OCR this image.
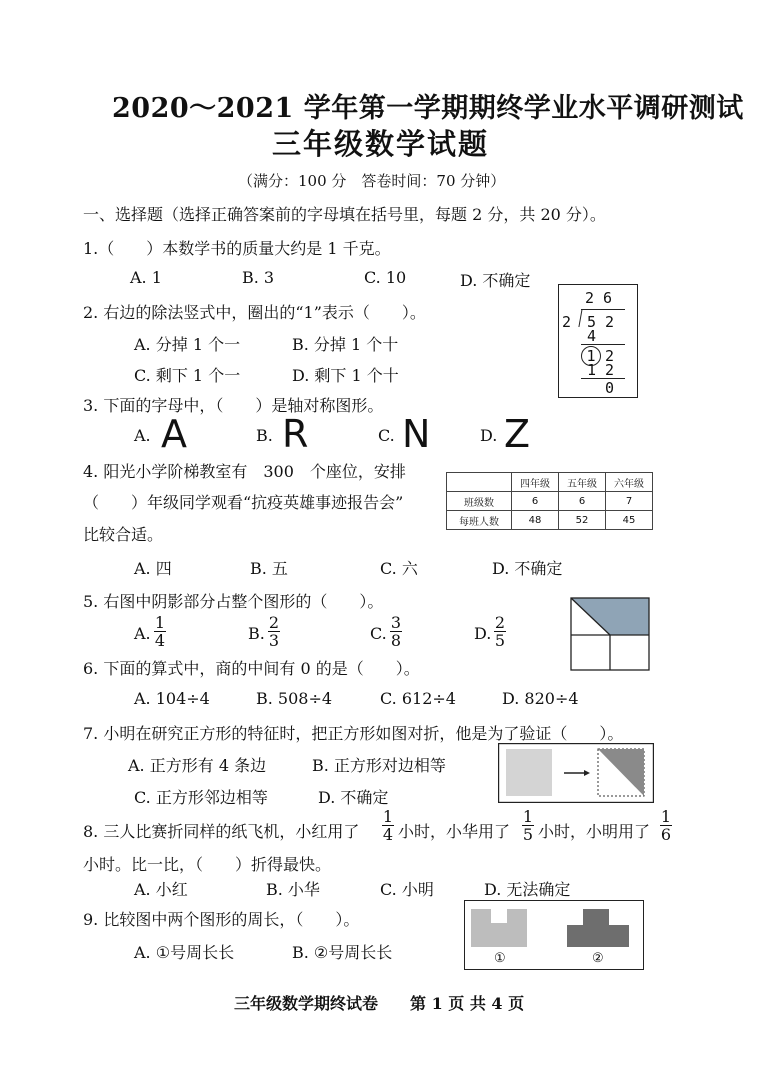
2020～2021 学年第一学期期终学业水平调研测试
三年级数学试题
（满分：100 分　答卷时间：70 分钟）
一、选择题（选择正确答案前的字母填在括号里，每题 2 分，共 20 分）。
1.（　　）本数学书的质量大约是 1 千克。
A. 1	B. 3	C. 10	D. 不确定
2. 右边的除法竖式中，圈出的“1”表示（　　）。
A. 分掉 1 个一	B. 分掉 1 个十
C. 剩下 1 个一	D. 剩下 1 个十
2 6
2 5 2
4
1 2
1 2
0
3. 下面的字母中，（　　）是轴对称图形。
A. A	B. R	C. N	D. Z
4. 阳光小学阶梯教室有　300　个座位，安排
（　　）年级同学观看“抗疫英雄事迹报告会”
比较合适。
	四年级	五年级	六年级
班级数	6	6	7
每班人数	48	52	45
A. 四	B. 五	C. 六	D. 不确定
5. 右图中阴影部分占整个图形的（　　）。
A.
1
4	B.
2
3	C.
3
8	D.
2
5
6. 下面的算式中，商的中间有 0 的是（　　）。
A. 104÷4	B. 508÷4	C. 612÷4	D. 820÷4
7. 小明在研究正方形的特征时，把正方形如图对折，他是为了验证（　　）。
A. 正方形有 4 条边	B. 正方形对边相等
C. 正方形邻边相等	D. 不确定
8. 三人比赛折同样的纸飞机，小红用了
1
4 小时，小华用了
1
5 小时，小明用了
1
6
小时。比一比，（　　）折得最快。
A. 小红	B. 小华	C. 小明	D. 无法确定
9. 比较图中两个图形的周长，（　　）。
A. ①号周长长	B. ②号周长长	①	②
三年级数学期终试卷　　第 1 页 共 4 页
